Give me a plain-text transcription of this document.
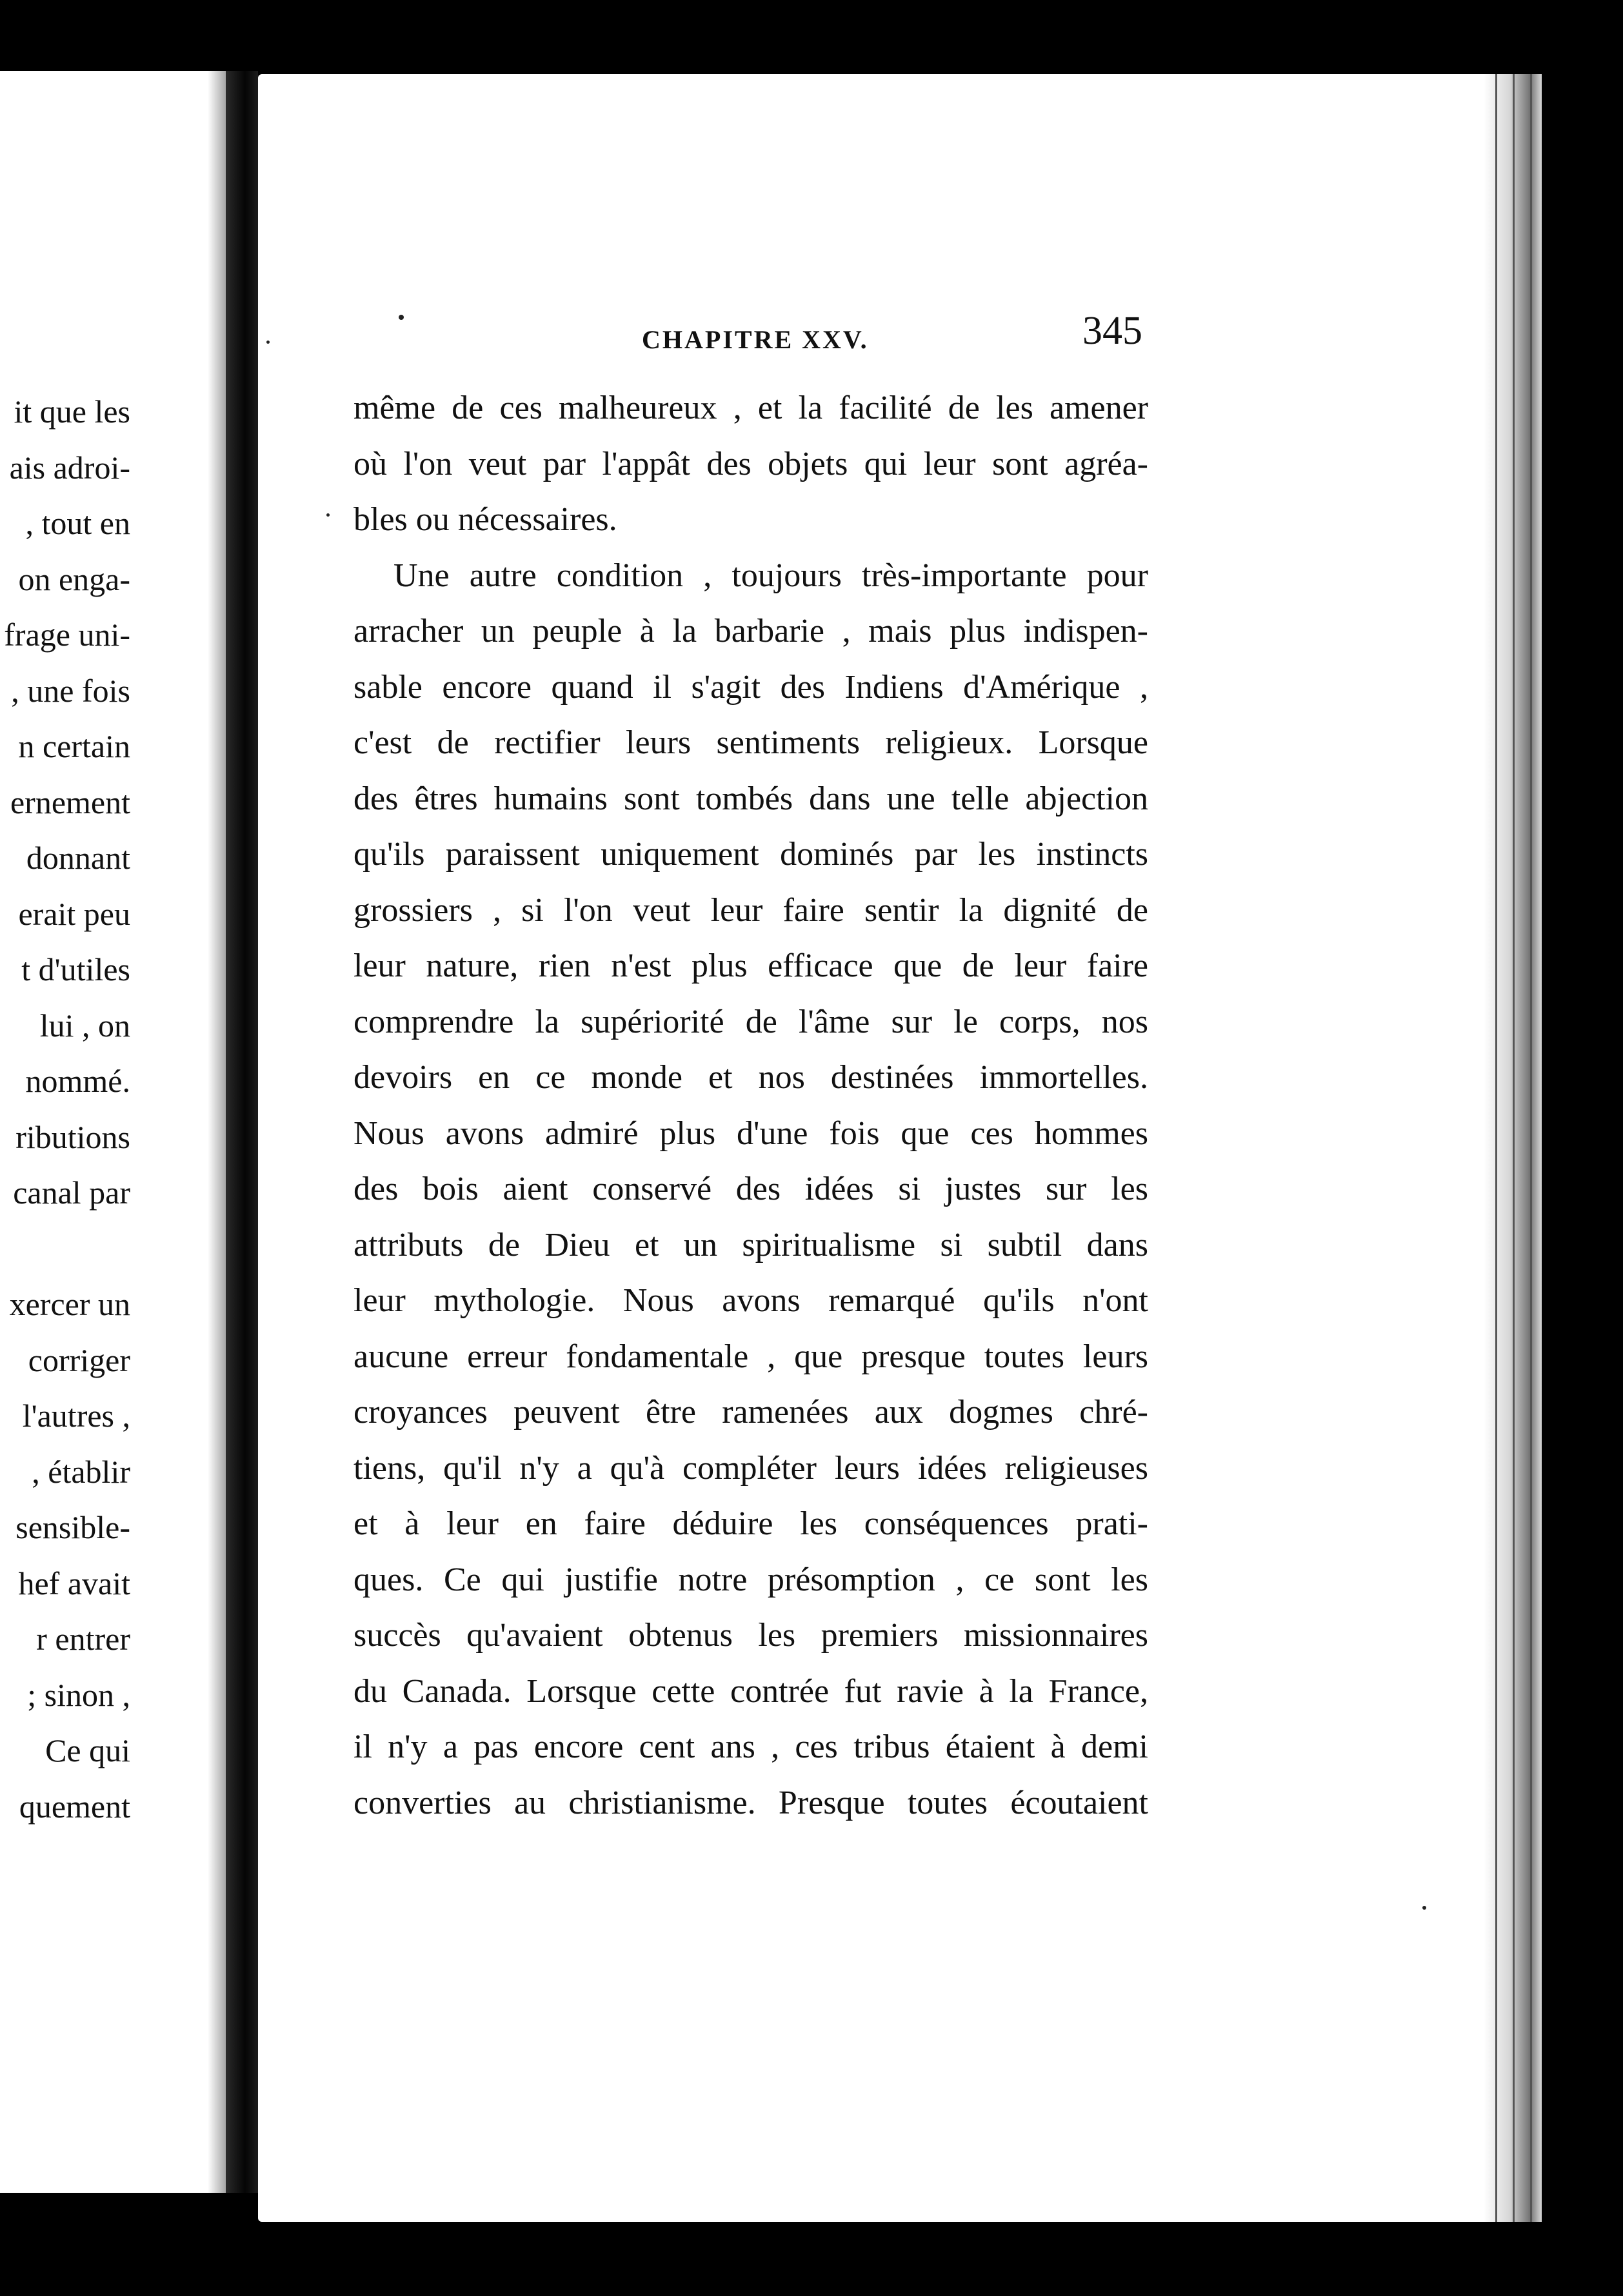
it que les
ais adroi-
, tout en
on enga-
frage uni-
, une fois
n certain
ernement
donnant
erait peu
t d'utiles
lui , on
nommé.
ributions
canal par
xercer un
corriger
l'autres ,
, établir
sensible-
hef avait
r entrer
; sinon ,
Ce qui
quement
CHAPITRE XXV.	345
même de ces malheureux , et la facilité de les amener
où l'on veut par l'appât des objets qui leur sont agréa-
bles ou nécessaires.
Une autre condition , toujours très-importante pour
arracher un peuple à la barbarie , mais plus indispen-
sable encore quand il s'agit des Indiens d'Amérique ,
c'est de rectifier leurs sentiments religieux. Lorsque
des êtres humains sont tombés dans une telle abjection
qu'ils paraissent uniquement dominés par les instincts
grossiers , si l'on veut leur faire sentir la dignité de
leur nature, rien n'est plus efficace que de leur faire
comprendre la supériorité de l'âme sur le corps, nos
devoirs en ce monde et nos destinées immortelles.
Nous avons admiré plus d'une fois que ces hommes
des bois aient conservé des idées si justes sur les
attributs de Dieu et un spiritualisme si subtil dans
leur mythologie. Nous avons remarqué qu'ils n'ont
aucune erreur fondamentale , que presque toutes leurs
croyances peuvent être ramenées aux dogmes chré-
tiens, qu'il n'y a qu'à compléter leurs idées religieuses
et à leur en faire déduire les conséquences prati-
ques. Ce qui justifie notre présomption , ce sont les
succès qu'avaient obtenus les premiers missionnaires
du Canada. Lorsque cette contrée fut ravie à la France,
il n'y a pas encore cent ans , ces tribus étaient à demi
converties au christianisme. Presque toutes écoutaient
